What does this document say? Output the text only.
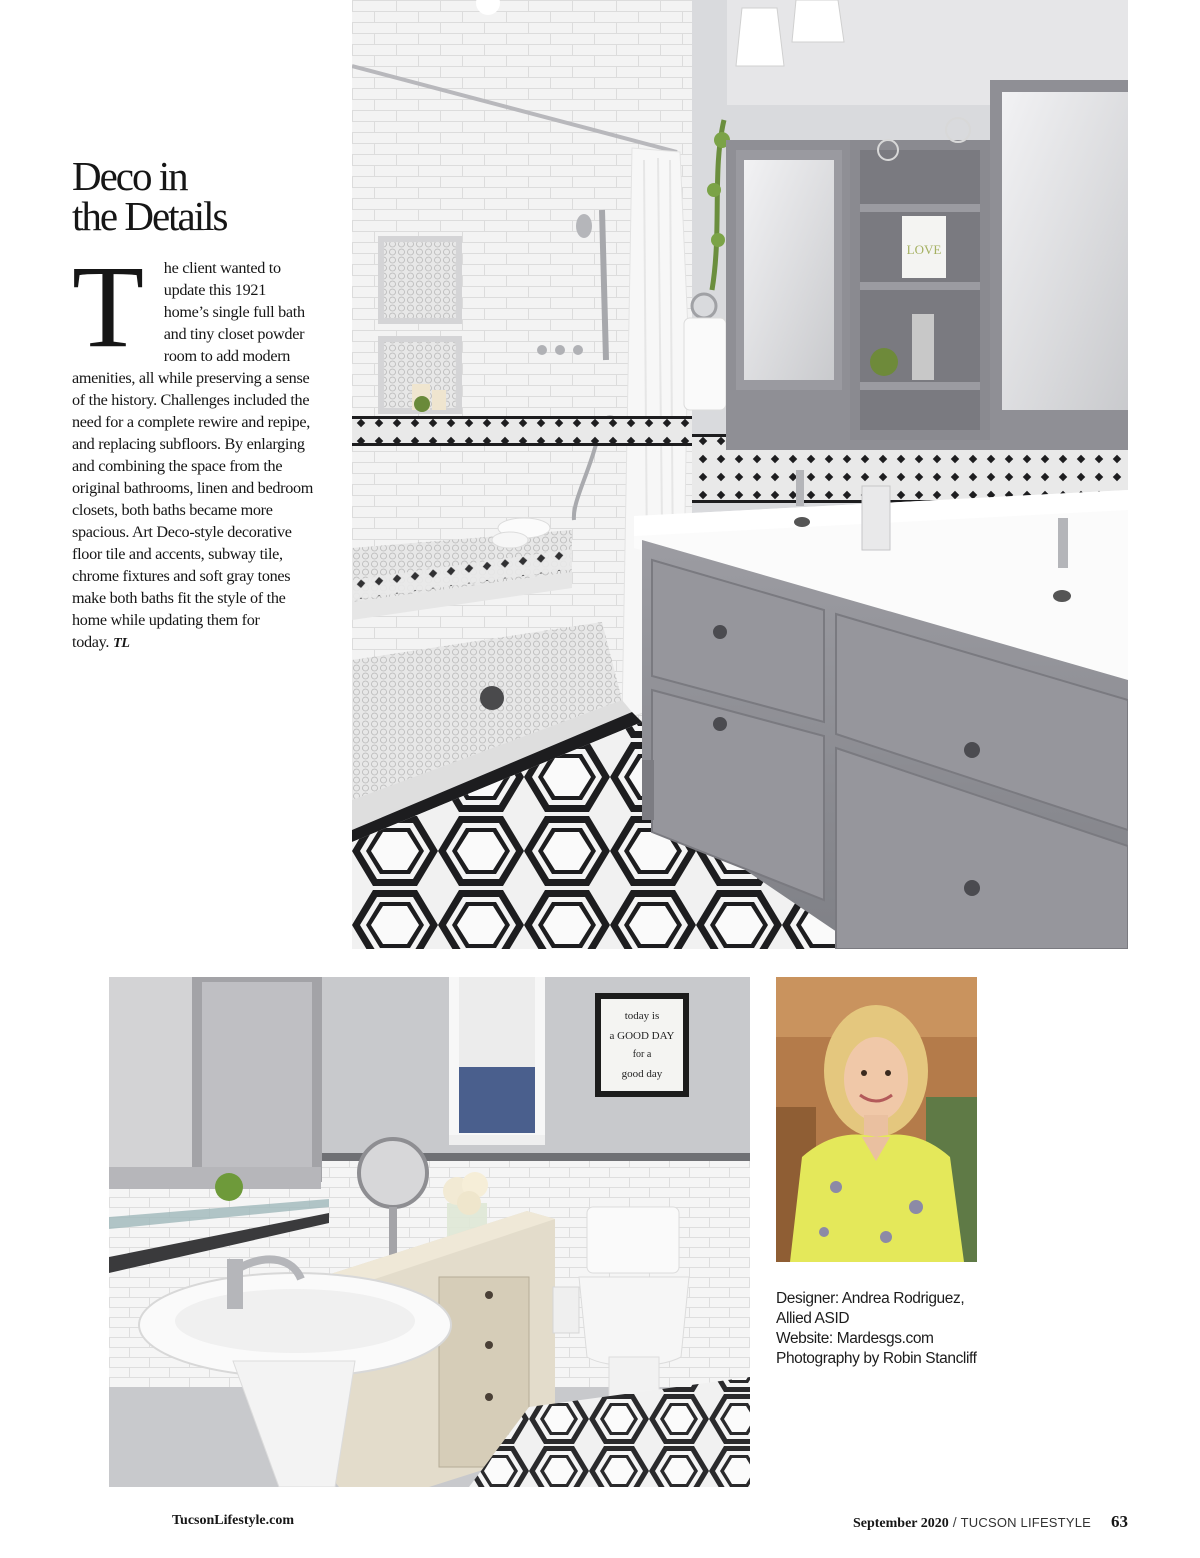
Deco in
the Details
T	he client wanted to update this 1921 home’s single full bath and tiny closet powder room to add modern amenities, all while preserving a sense of the history. Challenges included the need for a complete rewire and repipe, and replacing subfloors. By enlarging and combining the space from the original bathrooms, linen and bedroom closets, both baths became more spacious. Art Deco-style decorative floor tile and accents, subway tile, chrome fixtures and soft gray tones make both baths fit the style of the home while updating them for today. TL

LOVE
today is
a GOOD DAY
for a
good day
Designer: Andrea Rodriguez,
Allied ASID
Website: Mardesgs.com
Photography by Robin Stancliff
TucsonLifestyle.com	September 2020 / TUCSON LIFESTYLE 63
